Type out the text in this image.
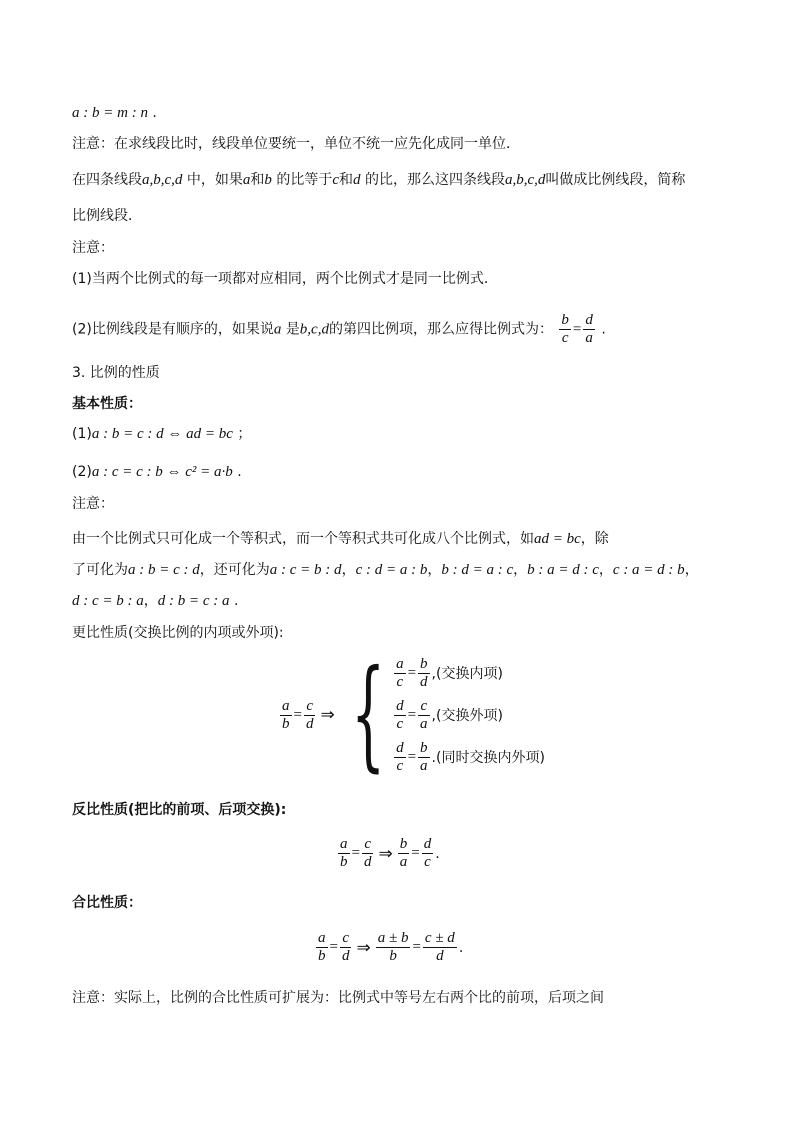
a : b = m : n .
注意：在求线段比时，线段单位要统一，单位不统一应先化成同一单位．
在四条线段a,b,c,d 中，如果a和b 的比等于c和d 的比，那么这四条线段a,b,c,d叫做成比例线段，简称
比例线段．
注意：
(1)当两个比例式的每一项都对应相同，两个比例式才是同一比例式．
(2)比例线段是有顺序的，如果说a 是b,c,d的第四比例项，那么应得比例式为： $\frac{b}{c} = \frac{d}{a}$ .
3. 比例的性质
基本性质：
(1)a : b = c : d ⇔ ad = bc ；
(2)a : c = c : b ⇔ c² = a·b .
注意：
由一个比例式只可化成一个等积式，而一个等积式共可化成八个比例式，如ad = bc，除
了可化为a : b = c : d，还可化为a : c = b : d，c : d = a : b，b : d = a : c，b : a = d : c，c : a = d : b，
d : c = b : a，d : b = c : a .
更比性质(交换比例的内项或外项):
$\frac{a}{b} = \frac{c}{d}$ ⇒ { $\frac{a}{c} = \frac{b}{d}$ ,(交换内项)
$\frac{d}{c} = \frac{c}{a}$ ,(交换外项)
$\frac{d}{c} = \frac{b}{a}$ .(同时交换内外项)
反比性质(把比的前项、后项交换):
$\frac{a}{b} = \frac{c}{d}$ ⇒ $\frac{b}{a} = \frac{d}{c}$ .
合比性质：
$\frac{a}{b} = \frac{c}{d}$ ⇒ $\frac{a \pm b}{b} = \frac{c \pm d}{d}$ .
注意：实际上，比例的合比性质可扩展为：比例式中等号左右两个比的前项，后项之间
